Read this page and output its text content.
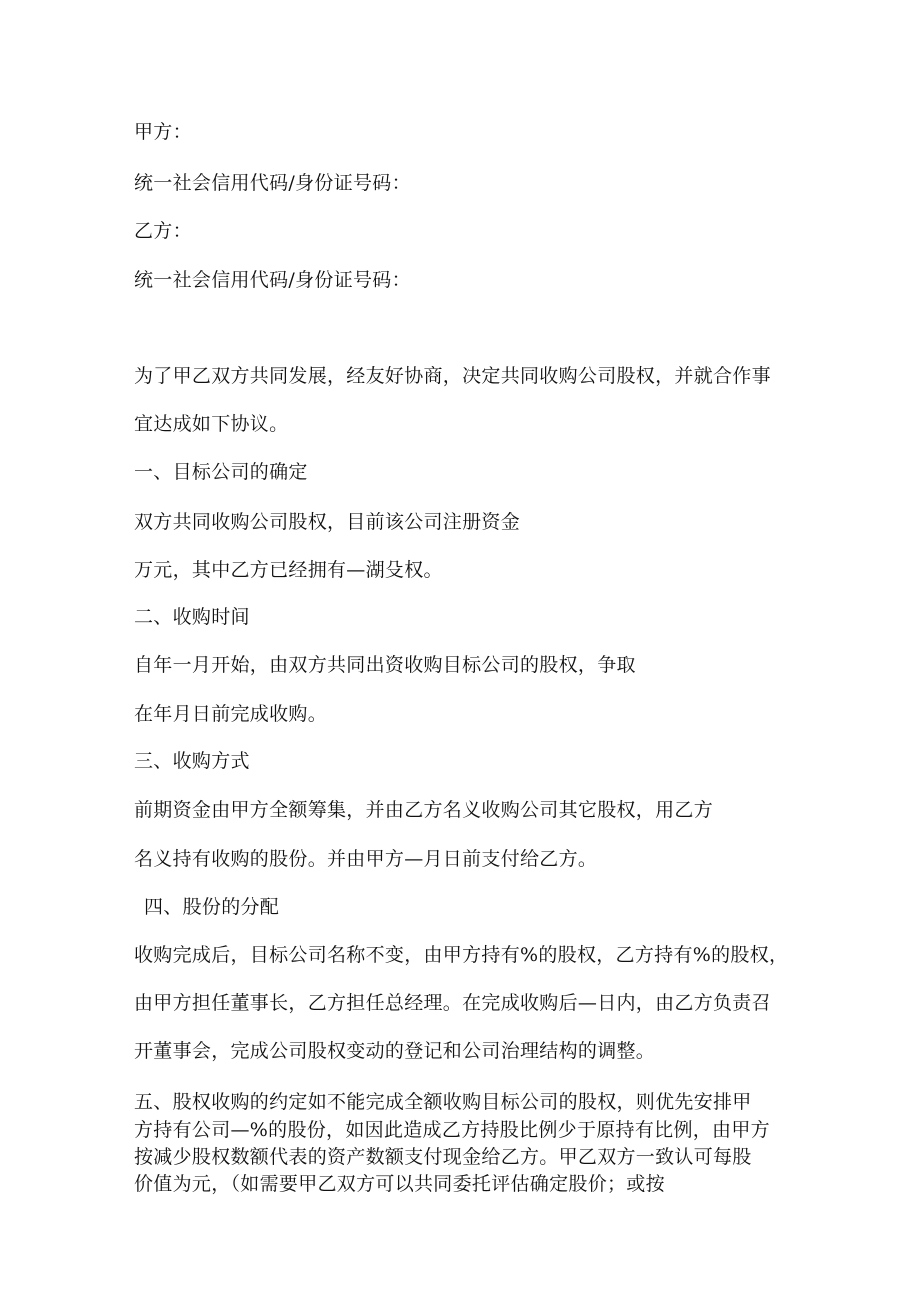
甲方：
统一社会信用代码/身份证号码：
乙方：
统一社会信用代码/身份证号码：
为了甲乙双方共同发展，经友好协商，决定共同收购公司股权，并就合作事
宜达成如下协议。
一、目标公司的确定
双方共同收购公司股权，目前该公司注册资金
万元，其中乙方已经拥有—湖殳权。
二、收购时间
自年一月开始，由双方共同出资收购目标公司的股权，争取
在年月日前完成收购。
三、收购方式
前期资金由甲方全额筹集，并由乙方名义收购公司其它股权，用乙方
名义持有收购的股份。并由甲方—月日前支付给乙方。
四、股份的分配
收购完成后，目标公司名称不变，由甲方持有%的股权，乙方持有%的股权，
由甲方担任董事长，乙方担任总经理。在完成收购后—日内，由乙方负责召
开董事会，完成公司股权变动的登记和公司治理结构的调整。
五、股权收购的约定如不能完成全额收购目标公司的股权，则优先安排甲
方持有公司—%的股份，如因此造成乙方持股比例少于原持有比例，由甲方
按减少股权数额代表的资产数额支付现金给乙方。甲乙双方一致认可每股
价值为元，（如需要甲乙双方可以共同委托评估确定股价；或按
